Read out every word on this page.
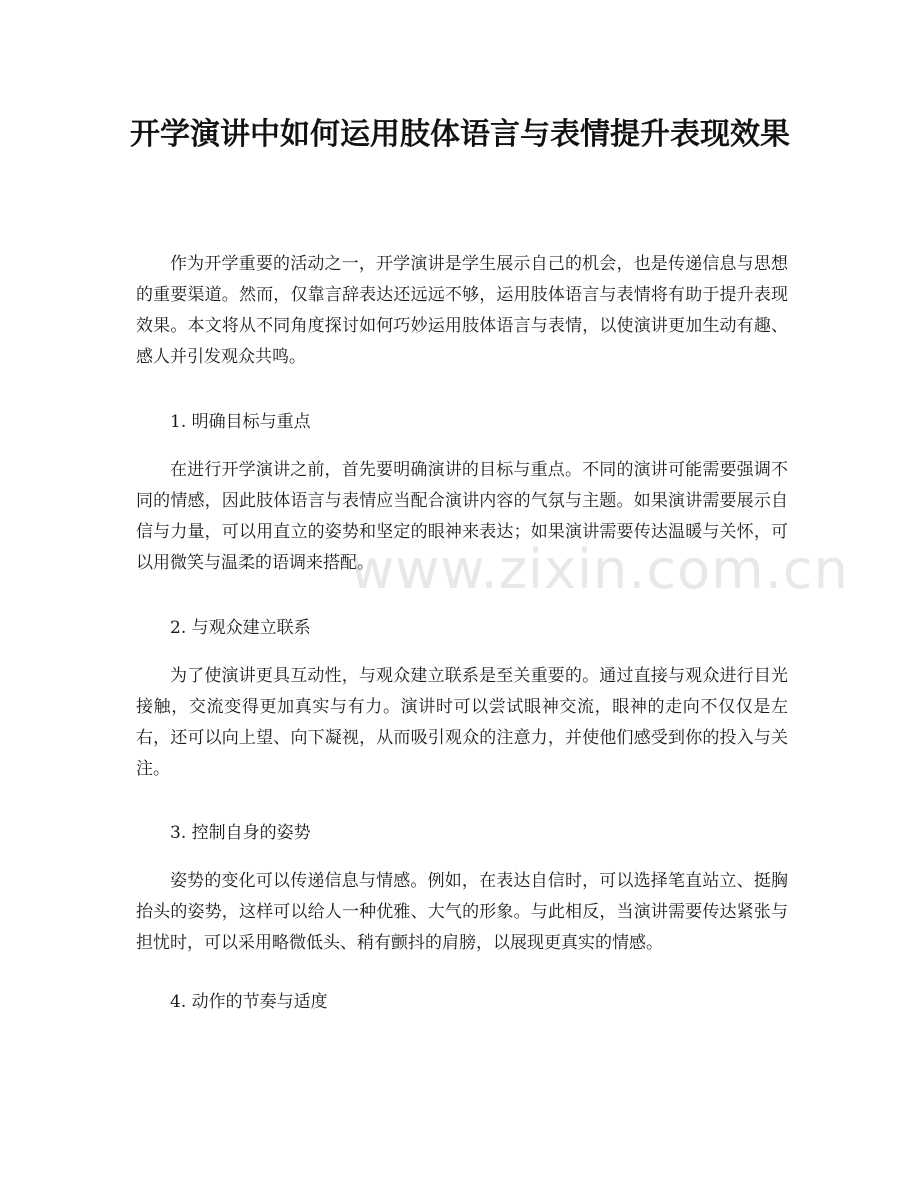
开学演讲中如何运用肢体语言与表情提升表现效果

作为开学重要的活动之一，开学演讲是学生展示自己的机会，也是传递信息与思想的重要渠道。然而，仅靠言辞表达还远远不够，运用肢体语言与表情将有助于提升表现效果。本文将从不同角度探讨如何巧妙运用肢体语言与表情，以使演讲更加生动有趣、感人并引发观众共鸣。

1. 明确目标与重点

在进行开学演讲之前，首先要明确演讲的目标与重点。不同的演讲可能需要强调不同的情感，因此肢体语言与表情应当配合演讲内容的气氛与主题。如果演讲需要展示自信与力量，可以用直立的姿势和坚定的眼神来表达；如果演讲需要传达温暖与关怀，可以用微笑与温柔的语调来搭配。

2. 与观众建立联系

为了使演讲更具互动性，与观众建立联系是至关重要的。通过直接与观众进行目光接触，交流变得更加真实与有力。演讲时可以尝试眼神交流，眼神的走向不仅仅是左右，还可以向上望、向下凝视，从而吸引观众的注意力，并使他们感受到你的投入与关注。

3. 控制自身的姿势

姿势的变化可以传递信息与情感。例如，在表达自信时，可以选择笔直站立、挺胸抬头的姿势，这样可以给人一种优雅、大气的形象。与此相反，当演讲需要传达紧张与担忧时，可以采用略微低头、稍有颤抖的肩膀，以展现更真实的情感。

4. 动作的节奏与适度

www.zixin.com.cn
